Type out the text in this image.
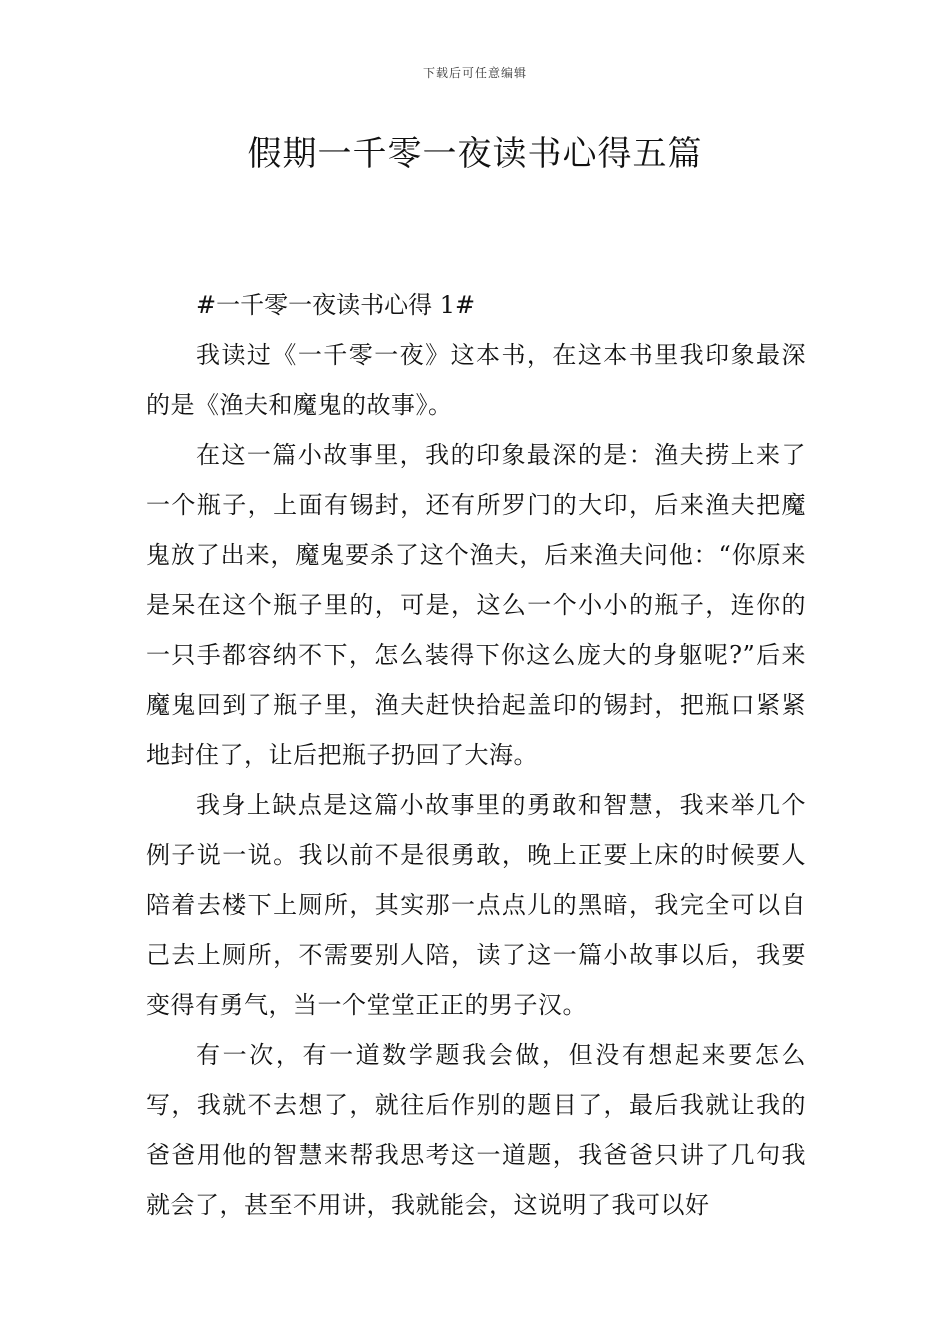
下载后可任意编辑
假期一千零一夜读书心得五篇

#一千零一夜读书心得 1#

我读过《一千零一夜》这本书，在这本书里我印象最深的是《渔夫和魔鬼的故事》。

在这一篇小故事里，我的印象最深的是：渔夫捞上来了一个瓶子，上面有锡封，还有所罗门的大印，后来渔夫把魔鬼放了出来，魔鬼要杀了这个渔夫，后来渔夫问他：“你原来是呆在这个瓶子里的，可是，这么一个小小的瓶子，连你的一只手都容纳不下，怎么装得下你这么庞大的身躯呢?”后来魔鬼回到了瓶子里，渔夫赶快拾起盖印的锡封，把瓶口紧紧地封住了，让后把瓶子扔回了大海。

我身上缺点是这篇小故事里的勇敢和智慧，我来举几个例子说一说。我以前不是很勇敢，晚上正要上床的时候要人陪着去楼下上厕所，其实那一点点儿的黑暗，我完全可以自己去上厕所，不需要别人陪，读了这一篇小故事以后，我要变得有勇气，当一个堂堂正正的男子汉。

有一次，有一道数学题我会做，但没有想起来要怎么写，我就不去想了，就往后作别的题目了，最后我就让我的爸爸用他的智慧来帮我思考这一道题，我爸爸只讲了几句我就会了，甚至不用讲，我就能会，这说明了我可以好
